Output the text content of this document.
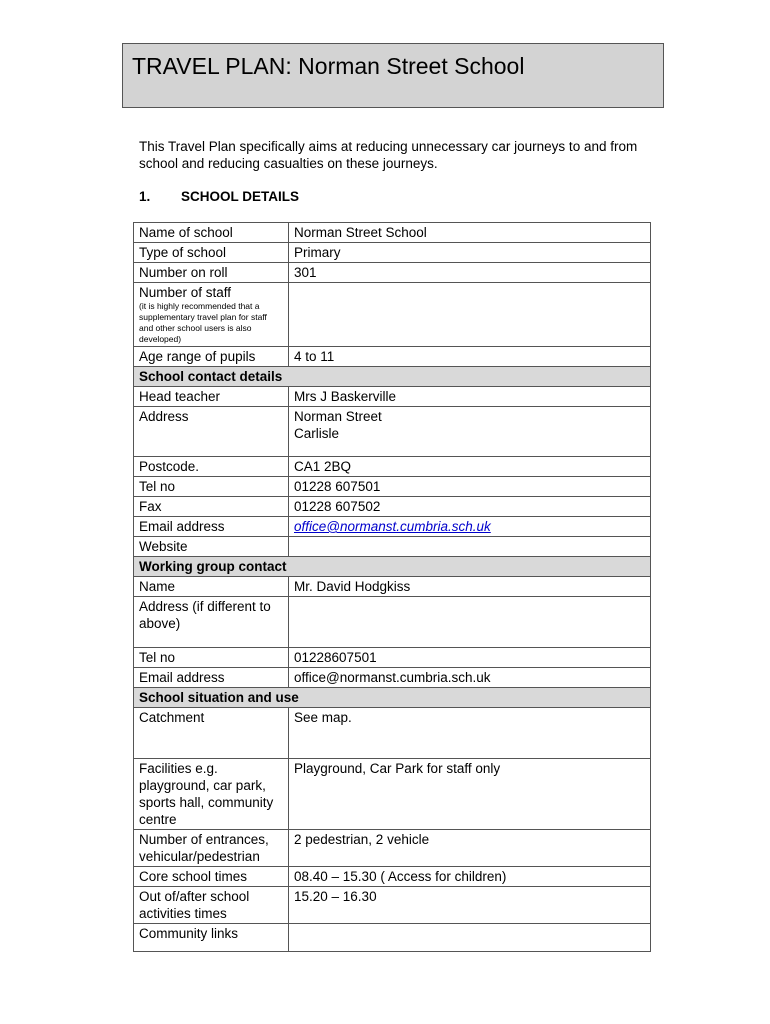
TRAVEL PLAN: Norman Street School
This Travel Plan specifically aims at reducing unnecessary car journeys to and from school and reducing casualties on these journeys.
1. SCHOOL DETAILS
Name of school	Norman Street School
Type of school	Primary
Number on roll	301
Number of staff
(it is highly recommended that a supplementary travel plan for staff and other school users is also developed)	

Age range of pupils	4 to 11
School contact details	
Head teacher	Mrs J Baskerville
Address	Norman Street
Carlisle

Postcode.	CA1 2BQ
Tel no	01228 607501
Fax	01228 607502
Email address	office@normanst.cumbria.sch.uk
Website	
Working group contact	
Name	Mr. David Hodgkiss
Address (if different to above)	
Tel no	01228607501
Email address	office@normanst.cumbria.sch.uk
School situation and use	
Catchment	See map.
Facilities e.g. playground, car park, sports hall, community centre	Playground, Car Park for staff only
Number of entrances, vehicular/pedestrian	2 pedestrian, 2 vehicle
Core school times	08.40 – 15.30 ( Access for children)
Out of/after school activities times	15.20 – 16.30
Community links	
